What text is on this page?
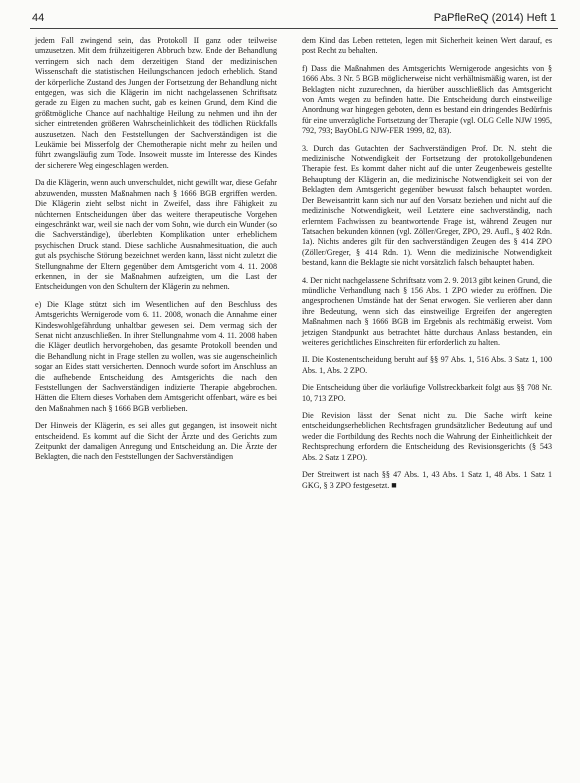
44	PaPfleReQ (2014) Heft 1

jedem Fall zwingend sein, das Protokoll II ganz oder teilweise umzusetzen. Mit dem frühzeitigeren Abbruch bzw. Ende der Behandlung verringern sich nach dem derzeitigen Stand der medizinischen Wissenschaft die statistischen Heilungschancen jedoch erheblich. Stand der körperliche Zustand des Jungen der Fortsetzung der Behandlung nicht entgegen, was sich die Klägerin im nicht nachgelassenen Schriftsatz gerade zu Eigen zu machen sucht, gab es keinen Grund, dem Kind die größtmögliche Chance auf nachhaltige Heilung zu nehmen und ihn der sicher eintretenden größeren Wahrscheinlichkeit des tödlichen Rückfalls auszusetzen. Nach den Feststellungen der Sachverständigen ist die Leukämie bei Misserfolg der Chemotherapie nicht mehr zu heilen und führt zwangsläufig zum Tode. Insoweit musste im Interesse des Kindes der sicherere Weg eingeschlagen werden.

Da die Klägerin, wenn auch unverschuldet, nicht gewillt war, diese Gefahr abzuwenden, mussten Maßnahmen nach § 1666 BGB ergriffen werden. Die Klägerin zieht selbst nicht in Zweifel, dass ihre Fähigkeit zu nüchternen Entscheidungen über das weitere therapeutische Vorgehen eingeschränkt war, weil sie nach der vom Sohn, wie durch ein Wunder (so die Sachverständige), überlebten Komplikation unter erheblichem psychischen Druck stand. Diese sachliche Ausnahmesituation, die auch gut als psychische Störung bezeichnet werden kann, lässt nicht zuletzt die Stellungnahme der Eltern gegenüber dem Amtsgericht vom 4. 11. 2008 erkennen, in der sie Maßnahmen aufzeigten, um die Last der Entscheidungen von den Schultern der Klägerin zu nehmen.

e) Die Klage stützt sich im Wesentlichen auf den Beschluss des Amtsgerichts Wernigerode vom 6. 11. 2008, wonach die Annahme einer Kindeswohlgefährdung unhaltbar gewesen sei. Dem vermag sich der Senat nicht anzuschließen. In ihrer Stellungnahme vom 4. 11. 2008 haben die Kläger deutlich hervorgehoben, das gesamte Protokoll beenden und die Behandlung nicht in Frage stellen zu wollen, was sie augenscheinlich sogar an Eides statt versicherten. Dennoch wurde sofort im Anschluss an die aufhebende Entscheidung des Amtsgerichts die nach den Feststellungen der Sachverständigen indizierte Therapie abgebrochen. Hätten die Eltern dieses Vorhaben dem Amtsgericht offenbart, wäre es bei den Maßnahmen nach § 1666 BGB verblieben.

Der Hinweis der Klägerin, es sei alles gut gegangen, ist insoweit nicht entscheidend. Es kommt auf die Sicht der Ärzte und des Gerichts zum Zeitpunkt der damaligen Anregung und Entscheidung an. Die Ärzte der Beklagten, die nach den Feststellungen der Sachverständigen

dem Kind das Leben retteten, legen mit Sicherheit keinen Wert darauf, es post Recht zu behalten.

f) Dass die Maßnahmen des Amtsgerichts Wernigerode angesichts von § 1666 Abs. 3 Nr. 5 BGB möglicherweise nicht verhältnismäßig waren, ist der Beklagten nicht zuzurechnen, da hierüber ausschließlich das Amtsgericht von Amts wegen zu befinden hatte. Die Entscheidung durch einstweilige Anordnung war hingegen geboten, denn es bestand ein dringendes Bedürfnis für eine unverzügliche Fortsetzung der Therapie (vgl. OLG Celle NJW 1995, 792, 793; BayObLG NJW-FER 1999, 82, 83).

3. Durch das Gutachten der Sachverständigen Prof. Dr. N. steht die medizinische Notwendigkeit der Fortsetzung der protokollgebundenen Therapie fest. Es kommt daher nicht auf die unter Zeugenbeweis gestellte Behauptung der Klägerin an, die medizinische Notwendigkeit sei von der Beklagten dem Amtsgericht gegenüber bewusst falsch behauptet worden. Der Beweisantritt kann sich nur auf den Vorsatz beziehen und nicht auf die medizinische Notwendigkeit, weil Letztere eine sachverständig, nach erlerntem Fachwissen zu beantwortende Frage ist, während Zeugen nur Tatsachen bekunden können (vgl. Zöller/Greger, ZPO, 29. Aufl., § 402 Rdn. 1a). Nichts anderes gilt für den sachverständigen Zeugen des § 414 ZPO (Zöller/Greger, § 414 Rdn. 1). Wenn die medizinische Notwendigkeit bestand, kann die Beklagte sie nicht vorsätzlich falsch behauptet haben.

4. Der nicht nachgelassene Schriftsatz vom 2. 9. 2013 gibt keinen Grund, die mündliche Verhandlung nach § 156 Abs. 1 ZPO wieder zu eröffnen. Die angesprochenen Umstände hat der Senat erwogen. Sie verlieren aber dann ihre Bedeutung, wenn sich das einstweilige Ergreifen der angeregten Maßnahmen nach § 1666 BGB im Ergebnis als rechtmäßig erweist. Vom jetzigen Standpunkt aus betrachtet hätte durchaus Anlass bestanden, ein weiteres gerichtliches Einschreiten für erforderlich zu halten.

II. Die Kostenentscheidung beruht auf §§ 97 Abs. 1, 516 Abs. 3 Satz 1, 100 Abs. 1, Abs. 2 ZPO.

Die Entscheidung über die vorläufige Vollstreckbarkeit folgt aus §§ 708 Nr. 10, 713 ZPO.

Die Revision lässt der Senat nicht zu. Die Sache wirft keine entscheidungserheblichen Rechtsfragen grundsätzlicher Bedeutung auf und weder die Fortbildung des Rechts noch die Wahrung der Einheitlichkeit der Rechtsprechung erfordern die Entscheidung des Revisionsgerichts (§ 543 Abs. 2 Satz 1 ZPO).

Der Streitwert ist nach §§ 47 Abs. 1, 43 Abs. 1 Satz 1, 48 Abs. 1 Satz 1 GKG, § 3 ZPO festgesetzt. ■
